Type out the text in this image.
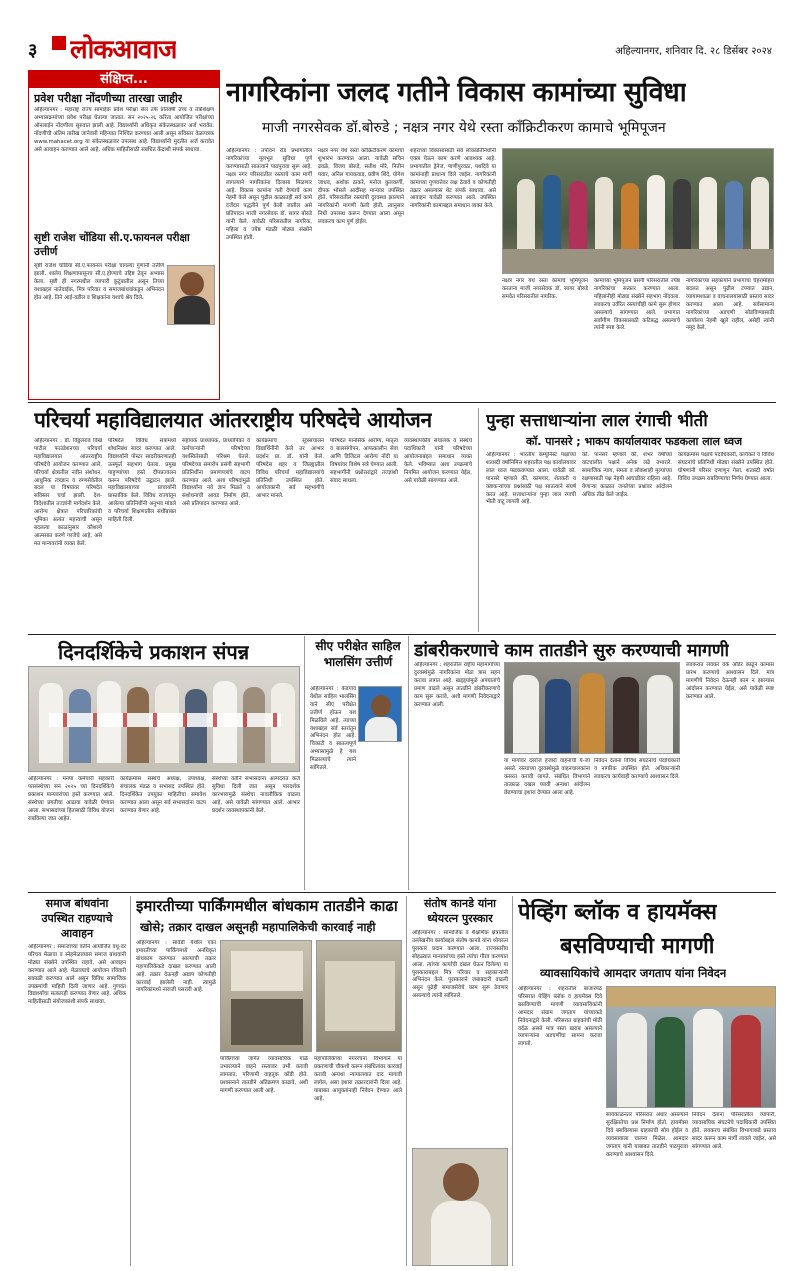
३ लोकआवाज	अहिल्यानगर, शनिवार दि. २८ डिसेंबर २०२४
संक्षिप्त...
प्रवेश परीक्षा नोंदणीच्या तारखा जाहीर
अहिल्यानगर : महाराष्ट्र राज्य सामाईक प्रवेश परीक्षा सेल तर्फे प्रतिवर्षी उच्च व तंत्रशिक्षण अभ्यासक्रमांच्या प्रवेश परीक्षा घेतल्या जातात. सन २०२५-२६ करिता आयोजित परीक्षांच्या ऑनलाईन नोंदणीला सुरुवात झाली आहे. विद्यार्थ्यांनी अधिकृत संकेतस्थळावर अर्ज भरावेत. नोंदणीची अंतिम तारीख जानेवारी महिन्यात निश्चित करण्यात आली असून सविस्तर वेळापत्रक www.mahacet.org या संकेतस्थळावर उपलब्ध आहे. विद्यार्थ्यांनी मुदतीत अर्ज करावेत असे आवाहन करण्यात आले आहे. अधिक माहितीसाठी संबंधित केंद्राशी संपर्क साधावा.
सृष्टी राजेश चोंडिया सी.ए.फायनल परीक्षा उत्तीर्ण
सृष्टी राजेश चोंडिया सी.ए.फायनल परीक्षा चांगल्या गुणांनी उत्तीर्ण झाली. शालेय शिक्षणापासूनच सी.ए.होण्याचे उद्दिष्ट ठेवून अभ्यास केला. सृष्टी ही नगरमधील व्यापारी कुटुंबातील असून तिच्या यशाबद्दल नातेवाईक, मित्र परिवार व समाजबांधवांकडून अभिनंदन होत आहे. तिने आई-वडील व शिक्षकांना यशाचे श्रेय दिले.
नागरिकांना जलद गतीने विकास कामांच्या सुविधा
माजी नगरसेवक डॉ.बोरुडे ; नक्षत्र नगर येथे रस्ता कॉंक्रिटीकरण कामाचे भूमिपूजन
अहिल्यानगर : तपोवन रोड प्रभागातील नागरिकांच्या मूलभूत सुविधा पूर्ण करण्यासाठी सातत्याने पाठपुरावा सुरू आहे. नक्षत्र नगर परिसरातील रस्त्याचे काम मार्गी लागल्याने नागरिकांना दिलासा मिळणार आहे. विकास कामांना गती देण्याचे काम नेहमी केले असून पुढील काळातही सर्व कामे दर्जेदार पद्धतीने पूर्ण केली जातील असे प्रतिपादन माजी नगरसेवक डॉ. सागर बोरुडे यांनी केले. यावेळी परिसरातील नागरिक, महिला व ज्येष्ठ मंडळी मोठ्या संख्येने उपस्थित होती.
नक्षत्र नगर येथे रस्ता कॉंक्रिटीकरण कामाचा शुभारंभ करण्यात आला. यावेळी सचिन ढवळे, विजय बोरुडे, सतीश मोरे, नितीन पवार, अनिल गायकवाड, प्रवीण शिंदे, योगेश जाधव, अशोक ठाकरे, मनोज कुलकर्णी, दीपक भोसले आदींसह मान्यवर उपस्थित होते. परिसरातील रस्त्यांची दुरवस्था झाल्याने नागरिकांनी मागणी केली होती. त्यानुसार निधी उपलब्ध करून देण्यात आला असून लवकरच काम पूर्ण होईल.
शहराच्या विकासासाठी सर्व लोकप्रतिनिधींनी एकत्र येऊन काम करणे आवश्यक आहे. प्रभागातील ड्रेनेज, पाणीपुरवठा, पथदिवे या कामांनाही प्राधान्य दिले जाईल. नागरिकांनी कामाच्या गुणवत्तेवर लक्ष ठेवावे व कोणतीही तक्रार असल्यास थेट संपर्क साधावा, असे आवाहन यावेळी करण्यात आले. उपस्थित नागरिकांनी कामाबद्दल समाधान व्यक्त केले.
नक्षत्र नगर येथे रस्ता कामाचे भूमिपूजन करताना माजी नगरसेवक डॉ. सागर बोरुडे समवेत परिसरातील नागरिक.
कामाच्या भूमिपूजन प्रसंगी परिसरातील ज्येष्ठ नागरिकांचा सत्कार करण्यात आला. महिलांनीही मोठ्या संख्येने सहभाग नोंदवला. लवकरच उर्वरित रस्त्यांचीही कामे सुरू होणार असल्याचे सांगण्यात आले. प्रभागात सर्वांगीण विकासासाठी कटिबद्ध असल्याचे त्यांनी स्पष्ट केले.
नागरिकांच्या सहकार्याने प्रभागाचा चेहरामोहरा बदलत असून पुढील टप्प्यात उद्यान, व्यायामशाळा व वाचनालयासाठी प्रस्ताव सादर करण्यात आला आहे. सर्वसामान्य नागरिकांच्या अडचणी सोडविण्यासाठी कार्यालय नेहमी खुले राहील, असेही त्यांनी नमूद केले.
परिचर्या महाविद्यालयात आंतरराष्ट्रीय परिषदेचे आयोजन
अहिल्यानगर : डॉ. विठ्ठलराव विखे पाटील फाउंडेशनच्या परिचर्या महाविद्यालयात आंतरराष्ट्रीय परिषदेचे आयोजन करण्यात आले. परिचर्या क्षेत्रातील नवीन संशोधन, आधुनिक तंत्रज्ञान व रुग्णसेवेतील बदल या विषयांवर परिषदेत सविस्तर चर्चा झाली. देश-विदेशातील तज्ज्ञांनी मार्गदर्शन केले. आरोग्य क्षेत्रात परिचारिकांची भूमिका अत्यंत महत्त्वाची असून बदलत्या काळानुसार कौशल्ये आत्मसात करणे गरजेचे आहे, असे मत मान्यवरांनी व्यक्त केले.
परिषदेत विविध सत्रांमध्ये शोधनिबंध सादर करण्यात आले. विद्यार्थ्यांनी पोस्टर सादरीकरणातही उत्स्फूर्त सहभाग घेतला. प्रमुख पाहुण्यांच्या हस्ते दीपप्रज्वलन करून परिषदेचे उद्घाटन झाले. महाविद्यालयाच्या प्राचार्यांनी प्रास्ताविक केले. विविध राज्यांतून आलेल्या प्रतिनिधींनी अनुभव मांडले व परिचर्या शिक्षणातील संधींबाबत माहिती दिली.
सहायक प्राध्यापक, प्राध्यापिका व कर्मचाऱ्यांनी परिषदेच्या यशस्वितेसाठी परिश्रम घेतले. परिषदेच्या समारोप प्रसंगी सहभागी प्रतिनिधींना प्रमाणपत्रांचे वाटप करण्यात आले. अशा परिषदांमुळे विद्यार्थ्यांना नवे ज्ञान मिळते व संशोधनाची आवड निर्माण होते, असे प्रतिपादन करण्यात आले.
कार्यक्रमाचे सूत्रसंचालन विद्यार्थिनींनी केले तर आभार प्रदर्शन प्रा. डॉ. यांनी केले. परिषदेस शहर व जिल्ह्यातील विविध परिचर्या महाविद्यालयांचे प्रतिनिधी उपस्थित होते. आयोजकांनी सर्व सहभागींचे आभार मानले.
परिषदेत मानसिक आरोग्य, मातृत्व व बालसंगोपन, आपत्कालीन सेवा आणि डिजिटल आरोग्य नोंदी या विषयांवर विशेष सत्रे घेण्यात आली. सहभागींनी प्रश्नोत्तरांद्वारे तज्ज्ञांशी संवाद साधला.
व्यवस्थापकीय संचालक व संस्थेचे पदाधिकारी यांनी परिषदेच्या आयोजनाबद्दल समाधान व्यक्त केले. भविष्यात अशा उपक्रमांचे नियमित आयोजन करण्यात येईल, असे यावेळी सांगण्यात आले.
पुन्हा सत्ताधाऱ्यांना लाल रंगाची भीती
कॉ. पानसरे ; भाकप कार्यालयावर फडकला लाल ध्वज
अहिल्यानगर : भारतीय कम्युनिस्ट पक्षाच्या शताब्दी वर्षानिमित्त शहरातील पक्ष कार्यालयावर लाल ध्वज फडकवण्यात आला. यावेळी कॉ. पानसरे म्हणाले की, कामगार, शेतकरी व कष्टकऱ्यांच्या प्रश्नांसाठी पक्ष सातत्याने संघर्ष करत आहे. सत्ताधाऱ्यांना पुन्हा लाल रंगाची भीती वाटू लागली आहे.
कॉ. पानसरे म्हणाले की, शंभर वर्षांच्या वाटचालीत पक्षाने अनेक लढे उभारले. सामाजिक न्याय, समता व लोकशाही मूल्यांच्या रक्षणासाठी पक्ष नेहमी आघाडीवर राहिला आहे. येणाऱ्या काळात जनतेच्या प्रश्नांवर आंदोलन अधिक तीव्र केले जाईल.
कार्यक्रमास पक्षाचे पदाधिकारी, कार्यकर्ते व विविध संघटनांचे प्रतिनिधी मोठ्या संख्येने उपस्थित होते. घोषणांनी परिसर दणाणून गेला. शताब्दी वर्षात विविध उपक्रम राबविण्याचा निर्णय घेण्यात आला.
दिनदर्शिकेचे प्रकाशन संपन्न
अहिल्यानगर : मनपा कर्मचारी सहकारी पतसंस्थेच्या सन २०२५ च्या दिनदर्शिकेचे प्रकाशन मान्यवरांच्या हस्ते करण्यात आले. संस्थेच्या प्रगतीचा आढावा यावेळी घेण्यात आला. सभासदांच्या हितासाठी विविध योजना राबविल्या जात आहेत.
कार्यक्रमास संस्थेचे अध्यक्ष, उपाध्यक्ष, संचालक मंडळ व सभासद उपस्थित होते. दिनदर्शिकेत उपयुक्त माहितीचा समावेश करण्यात आला असून सर्व सभासदांना वाटप करण्यात येणार आहे.
संस्थेच्या वतीने सभासदांना अल्पदरात कर्ज सुविधा दिली जात असून पारदर्शक कारभारामुळे संस्थेचा नावलौकिक वाढला आहे, असे यावेळी सांगण्यात आले. आभार प्रदर्शन व्यवस्थापकांनी केले.
सीए परीक्षेत साहिल भालसिंग उत्तीर्ण
अहिल्यानगर : केडगाव येथील साहिल भालसिंग याने सीए परीक्षेत उत्तीर्ण होऊन यश मिळविले आहे. त्याच्या यशाबद्दल सर्व स्तरांतून अभिनंदन होत आहे. चिकाटी व सातत्यपूर्ण अभ्यासामुळे हे यश मिळाल्याचे त्याने सांगितले.
डांबरीकरणाचे काम तातडीने सुरु करण्याची मागणी
अहिल्यानगर : शहरातील राष्ट्रीय महामार्गाच्या दुरवस्थेमुळे नागरिकांना मोठा त्रास सहन करावा लागत आहे. खड्ड्यांमुळे अपघातांचे प्रमाण वाढले असून तातडीने डांबरीकरणाचे काम सुरू करावे, अशी मागणी निवेदनाद्वारे करण्यात आली.
या मार्गावर दररोज हजारो वाहनांची ये-जा असते. रस्त्याच्या दुरवस्थेमुळे वाहनचालकांना कसरत करावी लागते. संबंधित विभागाने तात्काळ दखल घ्यावी अन्यथा आंदोलन छेडण्याचा इशारा देण्यात आला आहे.
निवेदन देताना विविध संघटनांचे पदाधिकारी व नागरिक उपस्थित होते. अधिकाऱ्यांनी लवकरच कार्यवाही करण्याचे आश्वासन दिले.
लवकरात लवकर वर्क ऑर्डर काढून कामास प्रारंभ करण्याचे आश्वासन दिले. मात्र मागणीचे निवेदन देऊनही काम न झाल्यास आंदोलन करण्यात येईल, असे यावेळी स्पष्ट करण्यात आले.
समाज बांधवांना उपस्थित राहण्याचे आवाहन
अहिल्यानगर : समाजाच्या वतीने आयोजित वधू-वर परिचय मेळावा व स्नेहमेळाव्यास समाज बांधवांनी मोठ्या संख्येने उपस्थित राहावे, असे आवाहन करण्यात आले आहे. मेळाव्याचे आयोजन रविवारी सकाळी करण्यात आले असून विविध सामाजिक उपक्रमांची माहिती दिली जाणार आहे. गुणवंत विद्यार्थ्यांचा सत्कारही करण्यात येणार आहे. अधिक माहितीसाठी संयोजकांशी संपर्क साधावा.
इमारतीच्या पार्किंगमधील बांधकाम तातडीने काढा
खोसे; तक्रार दाखल असूनही महापालिकेची कारवाई नाही
अहिल्यानगर : सावेडी येथील एका इमारतीच्या पार्किंगमध्ये अनधिकृत बांधकाम करण्यात आल्याची तक्रार महापालिकेकडे दाखल करण्यात आली आहे. तक्रार देऊनही अद्याप कोणतीही कारवाई झालेली नाही. त्यामुळे नागरिकांमध्ये नाराजी पसरली आहे.
पार्किंगच्या जागेत व्यावसायिक गाळे उभारल्याने वाहने रस्त्यावर उभी करावी लागतात. परिणामी वाहतूक कोंडी होते. प्रशासनाने तातडीने अतिक्रमण काढावे, अशी मागणी करण्यात आली आहे.
महापालिकेच्या नगररचना विभागाने या प्रकरणाची चौकशी करून संबंधितांवर कारवाई करावी अन्यथा न्यायालयात दाद मागावी लागेल, असा इशारा तक्रारदारांनी दिला आहे. याबाबत आयुक्तांनाही निवेदन देण्यात आले आहे.
संतोष कानडे यांना ध्येयरत्न पुरस्कार
अहिल्यानगर : सामाजिक व शैक्षणिक क्षेत्रातील उल्लेखनीय कार्याबद्दल संतोष कानडे यांना ध्येयरत्न पुरस्कार प्रदान करण्यात आला. राज्यस्तरीय सोहळ्यात मान्यवरांच्या हस्ते त्यांचा गौरव करण्यात आला. त्यांच्या कार्याची दखल घेऊन दिलेल्या या पुरस्काराबद्दल मित्र परिवार व सहकाऱ्यांनी अभिनंदन केले. पुरस्काराने जबाबदारी वाढली असून पुढेही समाजसेवेचे काम सुरू ठेवणार असल्याचे त्यांनी सांगितले.
पेव्हिंग ब्लॉक व हायमॅक्स
बसविण्याची मागणी
व्यावसायिकांचे आमदार जगताप यांना निवेदन
अहिल्यानगर : शहरातील बाजारपेठ परिसरात पेव्हिंग ब्लॉक व हायमॅक्स दिवे बसविण्याची मागणी व्यावसायिकांनी आमदार संग्राम जगताप यांच्याकडे निवेदनाद्वारे केली. परिसरात ग्राहकांची मोठी वर्दळ असते मात्र रस्ता खराब असल्याने व्यापाऱ्यांना अडचणींचा सामना करावा लागतो.
सायंकाळनंतर परिसरात अंधार असल्याने सुरक्षिततेचा प्रश्न निर्माण होतो. हायमॅक्स दिवे बसविल्यास ग्राहकांची सोय होईल व व्यवसायाला चालना मिळेल. आमदार जगताप यांनी याबाबत तातडीने पाठपुरावा करण्याचे आश्वासन दिले.
निवेदन देताना परिसरातील व्यापारी, व्यावसायिक संघटनेचे पदाधिकारी उपस्थित होते. लवकरच संबंधित विभागाकडे प्रस्ताव सादर करून काम मार्गी लावले जाईल, असे सांगण्यात आले.
